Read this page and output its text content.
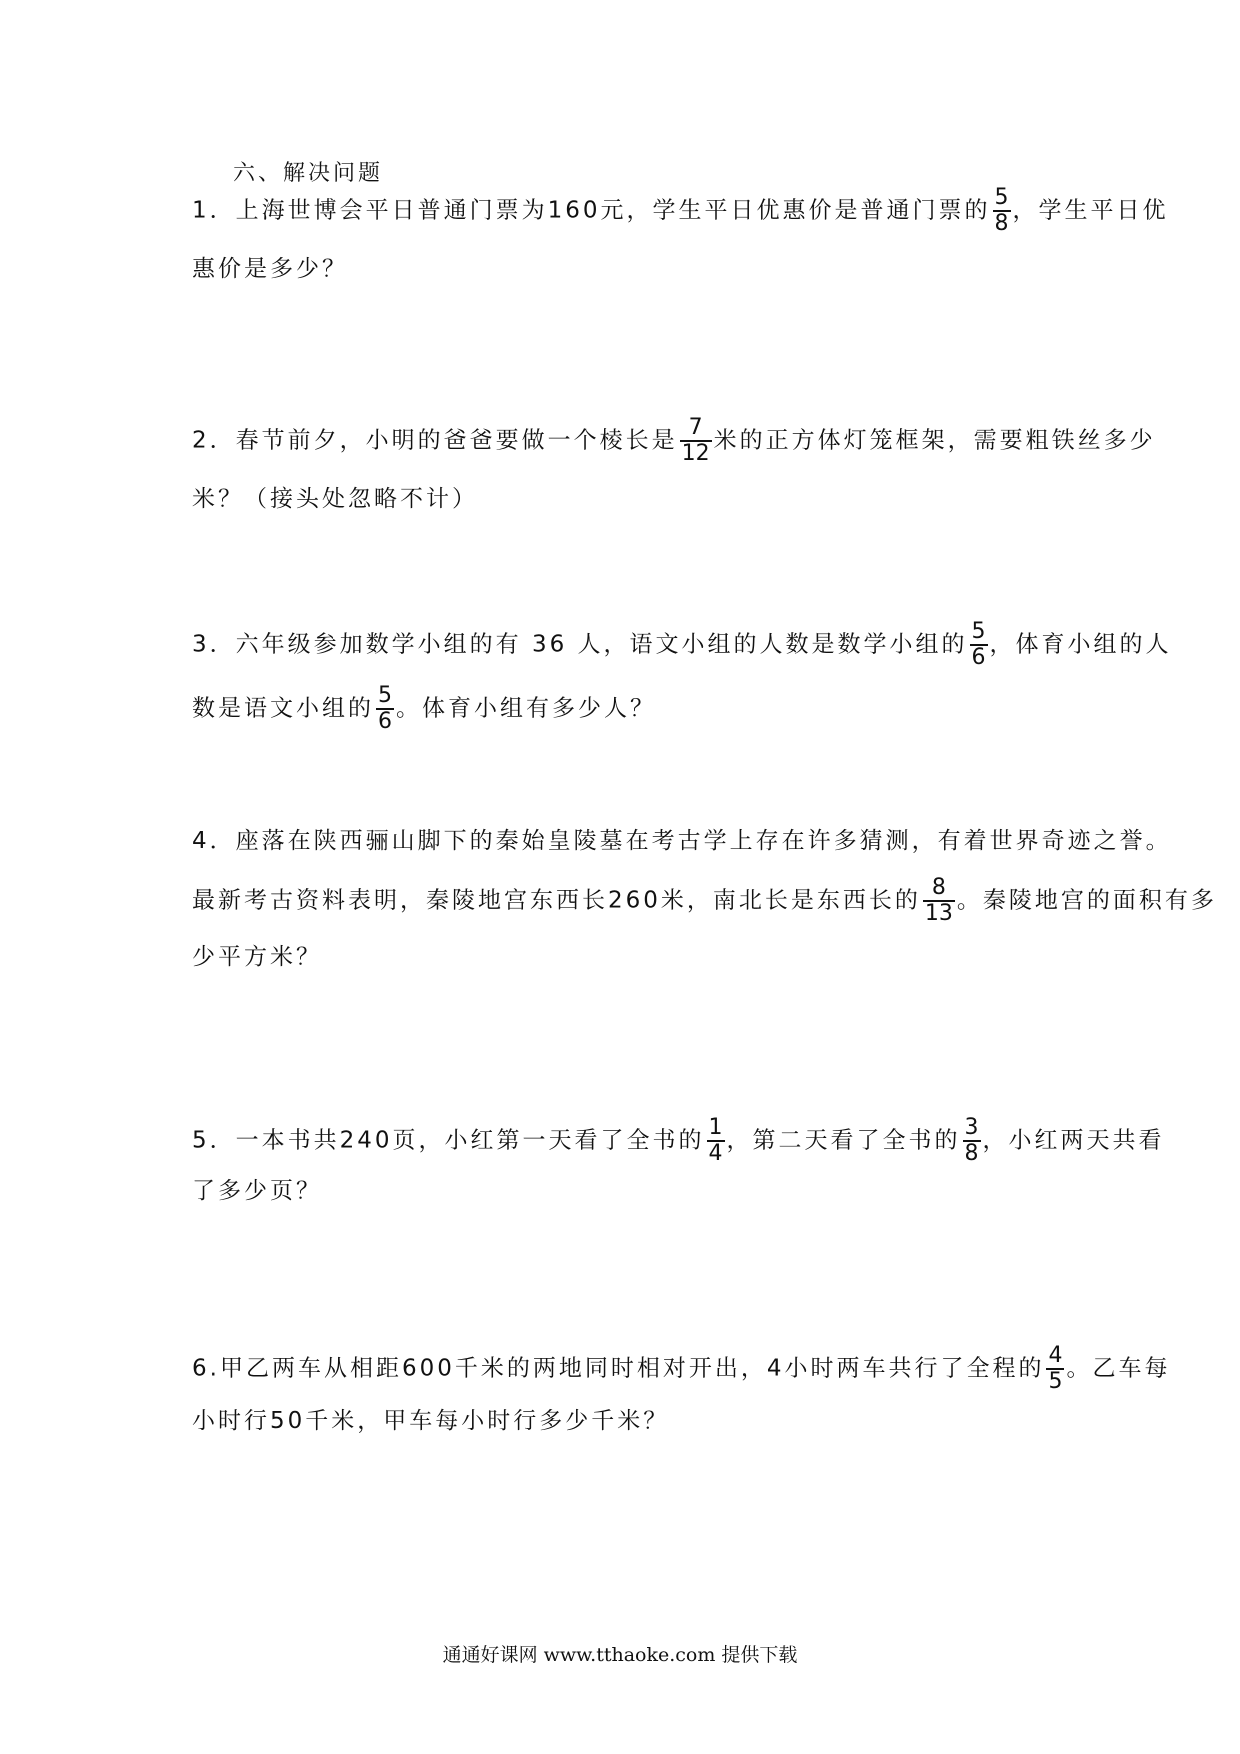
六、解决问题
1．上海世博会平日普通门票为160元，学生平日优惠价是普通门票的 $\frac{5}{8}$ ，学生平日优
惠价是多少？
2．春节前夕，小明的爸爸要做一个棱长是 $\frac{7}{12}$ 米的正方体灯笼框架，需要粗铁丝多少
米？（接头处忽略不计）
3．六年级参加数学小组的有 36 人，语文小组的人数是数学小组的 $\frac{5}{6}$ ，体育小组的人
数是语文小组的 $\frac{5}{6}$ 。体育小组有多少人？
4．座落在陕西骊山脚下的秦始皇陵墓在考古学上存在许多猜测，有着世界奇迹之誉。
最新考古资料表明，秦陵地宫东西长260米，南北长是东西长的 $\frac{8}{13}$ 。秦陵地宫的面积有多
少平方米？
5．一本书共240页，小红第一天看了全书的 $\frac{1}{4}$ ，第二天看了全书的 $\frac{3}{8}$ ，小红两天共看
了多少页？
6.甲乙两车从相距600千米的两地同时相对开出，4小时两车共行了全程的 $\frac{4}{5}$ 。乙车每
小时行50千米，甲车每小时行多少千米？
通通好课网 www.tthaoke.com 提供下载
